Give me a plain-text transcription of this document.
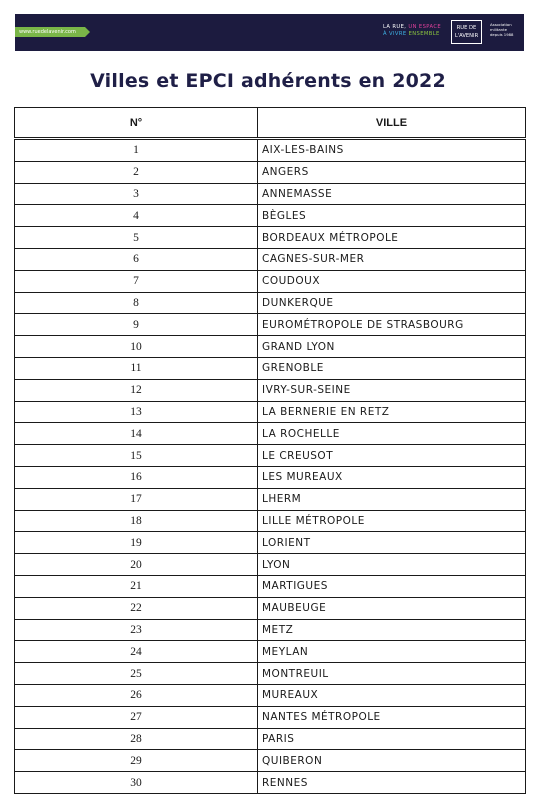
www.ruedelavenir.com
LA RUE, UN ESPACE
À VIVRE ENSEMBLE
RUE DE
L'AVENIR
Association
militante
depuis 1988
Villes et EPCI adhérents en 2022
N°	VILLE

1	AIX-LES-BAINS
2	ANGERS
3	ANNEMASSE
4	BÈGLES
5	BORDEAUX MÉTROPOLE
6	CAGNES-SUR-MER
7	COUDOUX
8	DUNKERQUE
9	EUROMÉTROPOLE DE STRASBOURG
10	GRAND LYON
11	GRENOBLE
12	IVRY-SUR-SEINE
13	LA BERNERIE EN RETZ
14	LA ROCHELLE
15	LE CREUSOT
16	LES MUREAUX
17	LHERM
18	LILLE MÉTROPOLE
19	LORIENT
20	LYON
21	MARTIGUES
22	MAUBEUGE
23	METZ
24	MEYLAN
25	MONTREUIL
26	MUREAUX
27	NANTES MÉTROPOLE
28	PARIS
29	QUIBERON
30	RENNES
